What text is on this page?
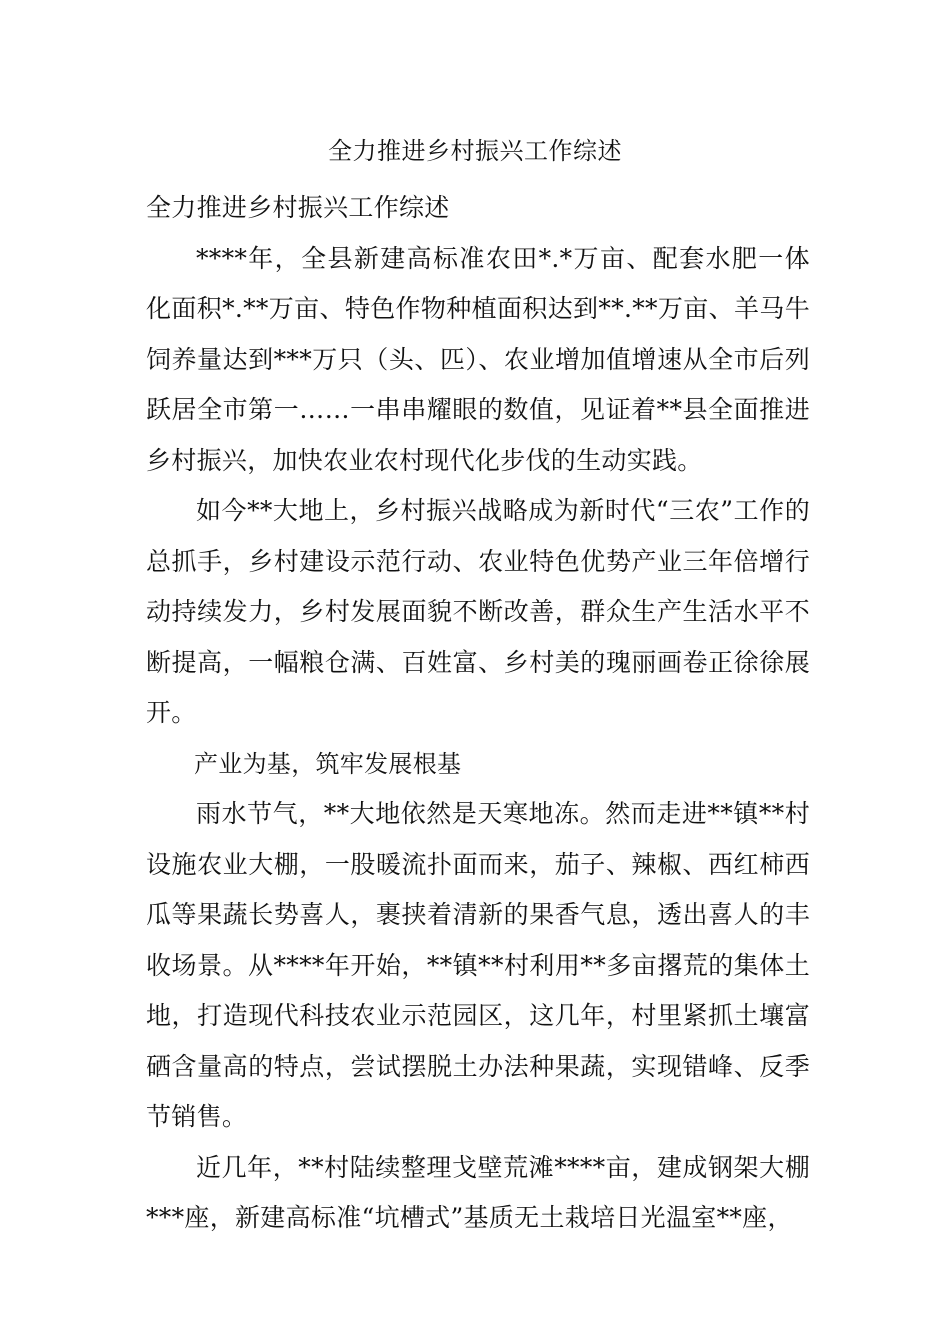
全力推进乡村振兴工作综述

全力推进乡村振兴工作综述

****年，全县新建高标准农田*.*万亩、配套水肥一体化面积*.**万亩、特色作物种植面积达到**.**万亩、羊马牛饲养量达到***万只（头、匹）、农业增加值增速从全市后列跃居全市第一……一串串耀眼的数值，见证着**县全面推进乡村振兴，加快农业农村现代化步伐的生动实践。

如今**大地上，乡村振兴战略成为新时代“三农”工作的总抓手，乡村建设示范行动、农业特色优势产业三年倍增行动持续发力，乡村发展面貌不断改善，群众生产生活水平不断提高，一幅粮仓满、百姓富、乡村美的瑰丽画卷正徐徐展开。

产业为基，筑牢发展根基

雨水节气，**大地依然是天寒地冻。然而走进**镇**村设施农业大棚，一股暖流扑面而来，茄子、辣椒、西红柿西瓜等果蔬长势喜人，裹挟着清新的果香气息，透出喜人的丰收场景。从****年开始，**镇**村利用**多亩撂荒的集体土地，打造现代科技农业示范园区，这几年，村里紧抓土壤富硒含量高的特点，尝试摆脱土办法种果蔬，实现错峰、反季节销售。

近几年，**村陆续整理戈壁荒滩****亩，建成钢架大棚***座，新建高标准“坑槽式”基质无土栽培日光温室**座，
